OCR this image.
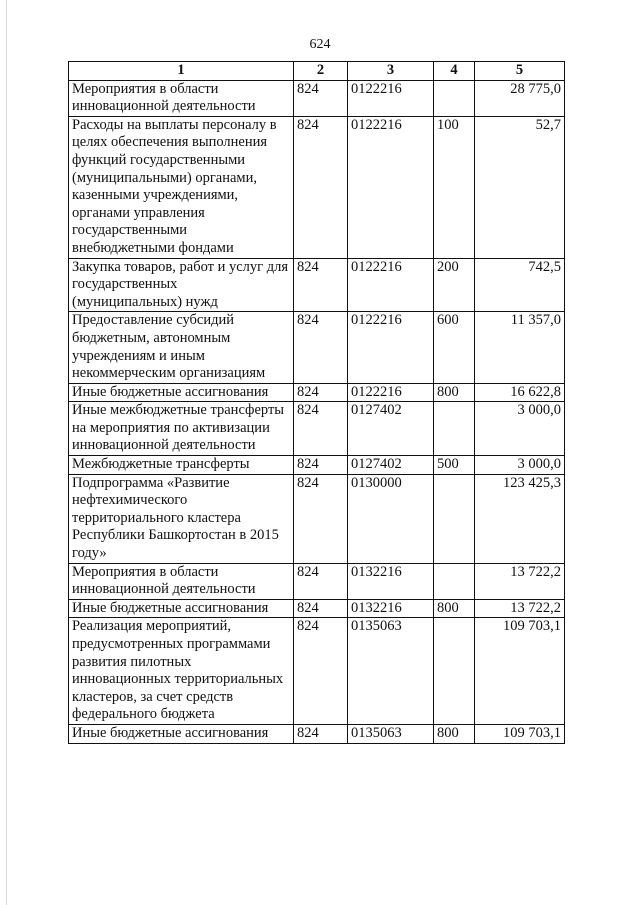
624
1	2	3	4	5
Мероприятия в области инновационной деятельности	824	0122216		28 775,0
Расходы на выплаты персоналу в целях обеспечения выполнения функций государственными (муниципальными) органами, казенными учреждениями, органами управления государственными внебюджетными фондами	824	0122216	100	52,7
Закупка товаров, работ и услуг для государственных (муниципальных) нужд	824	0122216	200	742,5
Предоставление субсидий бюджетным, автономным учреждениям и иным некоммерческим организациям	824	0122216	600	11 357,0
Иные бюджетные ассигнования	824	0122216	800	16 622,8
Иные межбюджетные трансферты на мероприятия по активизации инновационной деятельности	824	0127402		3 000,0
Межбюджетные трансферты	824	0127402	500	3 000,0
Подпрограмма «Развитие нефтехимического территориального кластера Республики Башкортостан в 2015 году»	824	0130000		123 425,3
Мероприятия в области инновационной деятельности	824	0132216		13 722,2
Иные бюджетные ассигнования	824	0132216	800	13 722,2
Реализация мероприятий, предусмотренных программами развития пилотных инновационных территориальных кластеров, за счет средств федерального бюджета	824	0135063		109 703,1
Иные бюджетные ассигнования	824	0135063	800	109 703,1
